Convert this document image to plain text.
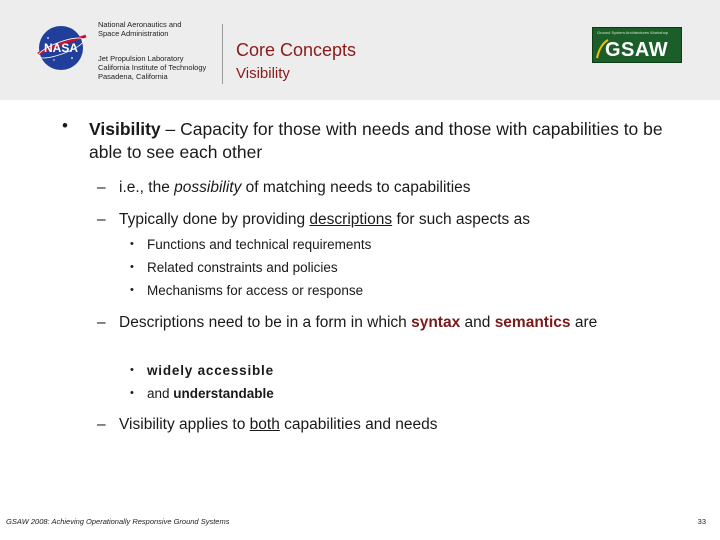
NASA
National Aeronautics and
Space Administration
Jet Propulsion Laboratory
California Institute of Technology
Pasadena, California
Core Concepts
Visibility
Ground System Architectures Workshop
GSAW
• Visibility – Capacity for those with needs and those with capabilities to be able to see each other
– i.e., the possibility of matching needs to capabilities
– Typically done by providing descriptions for such aspects as
• Functions and technical requirements
• Related constraints and policies
• Mechanisms for access or response
– Descriptions need to be in a form in which syntax and semantics are
• widely accessible
• and understandable
– Visibility applies to both capabilities and needs
GSAW 2008: Achieving Operationally Responsive Ground Systems	33
